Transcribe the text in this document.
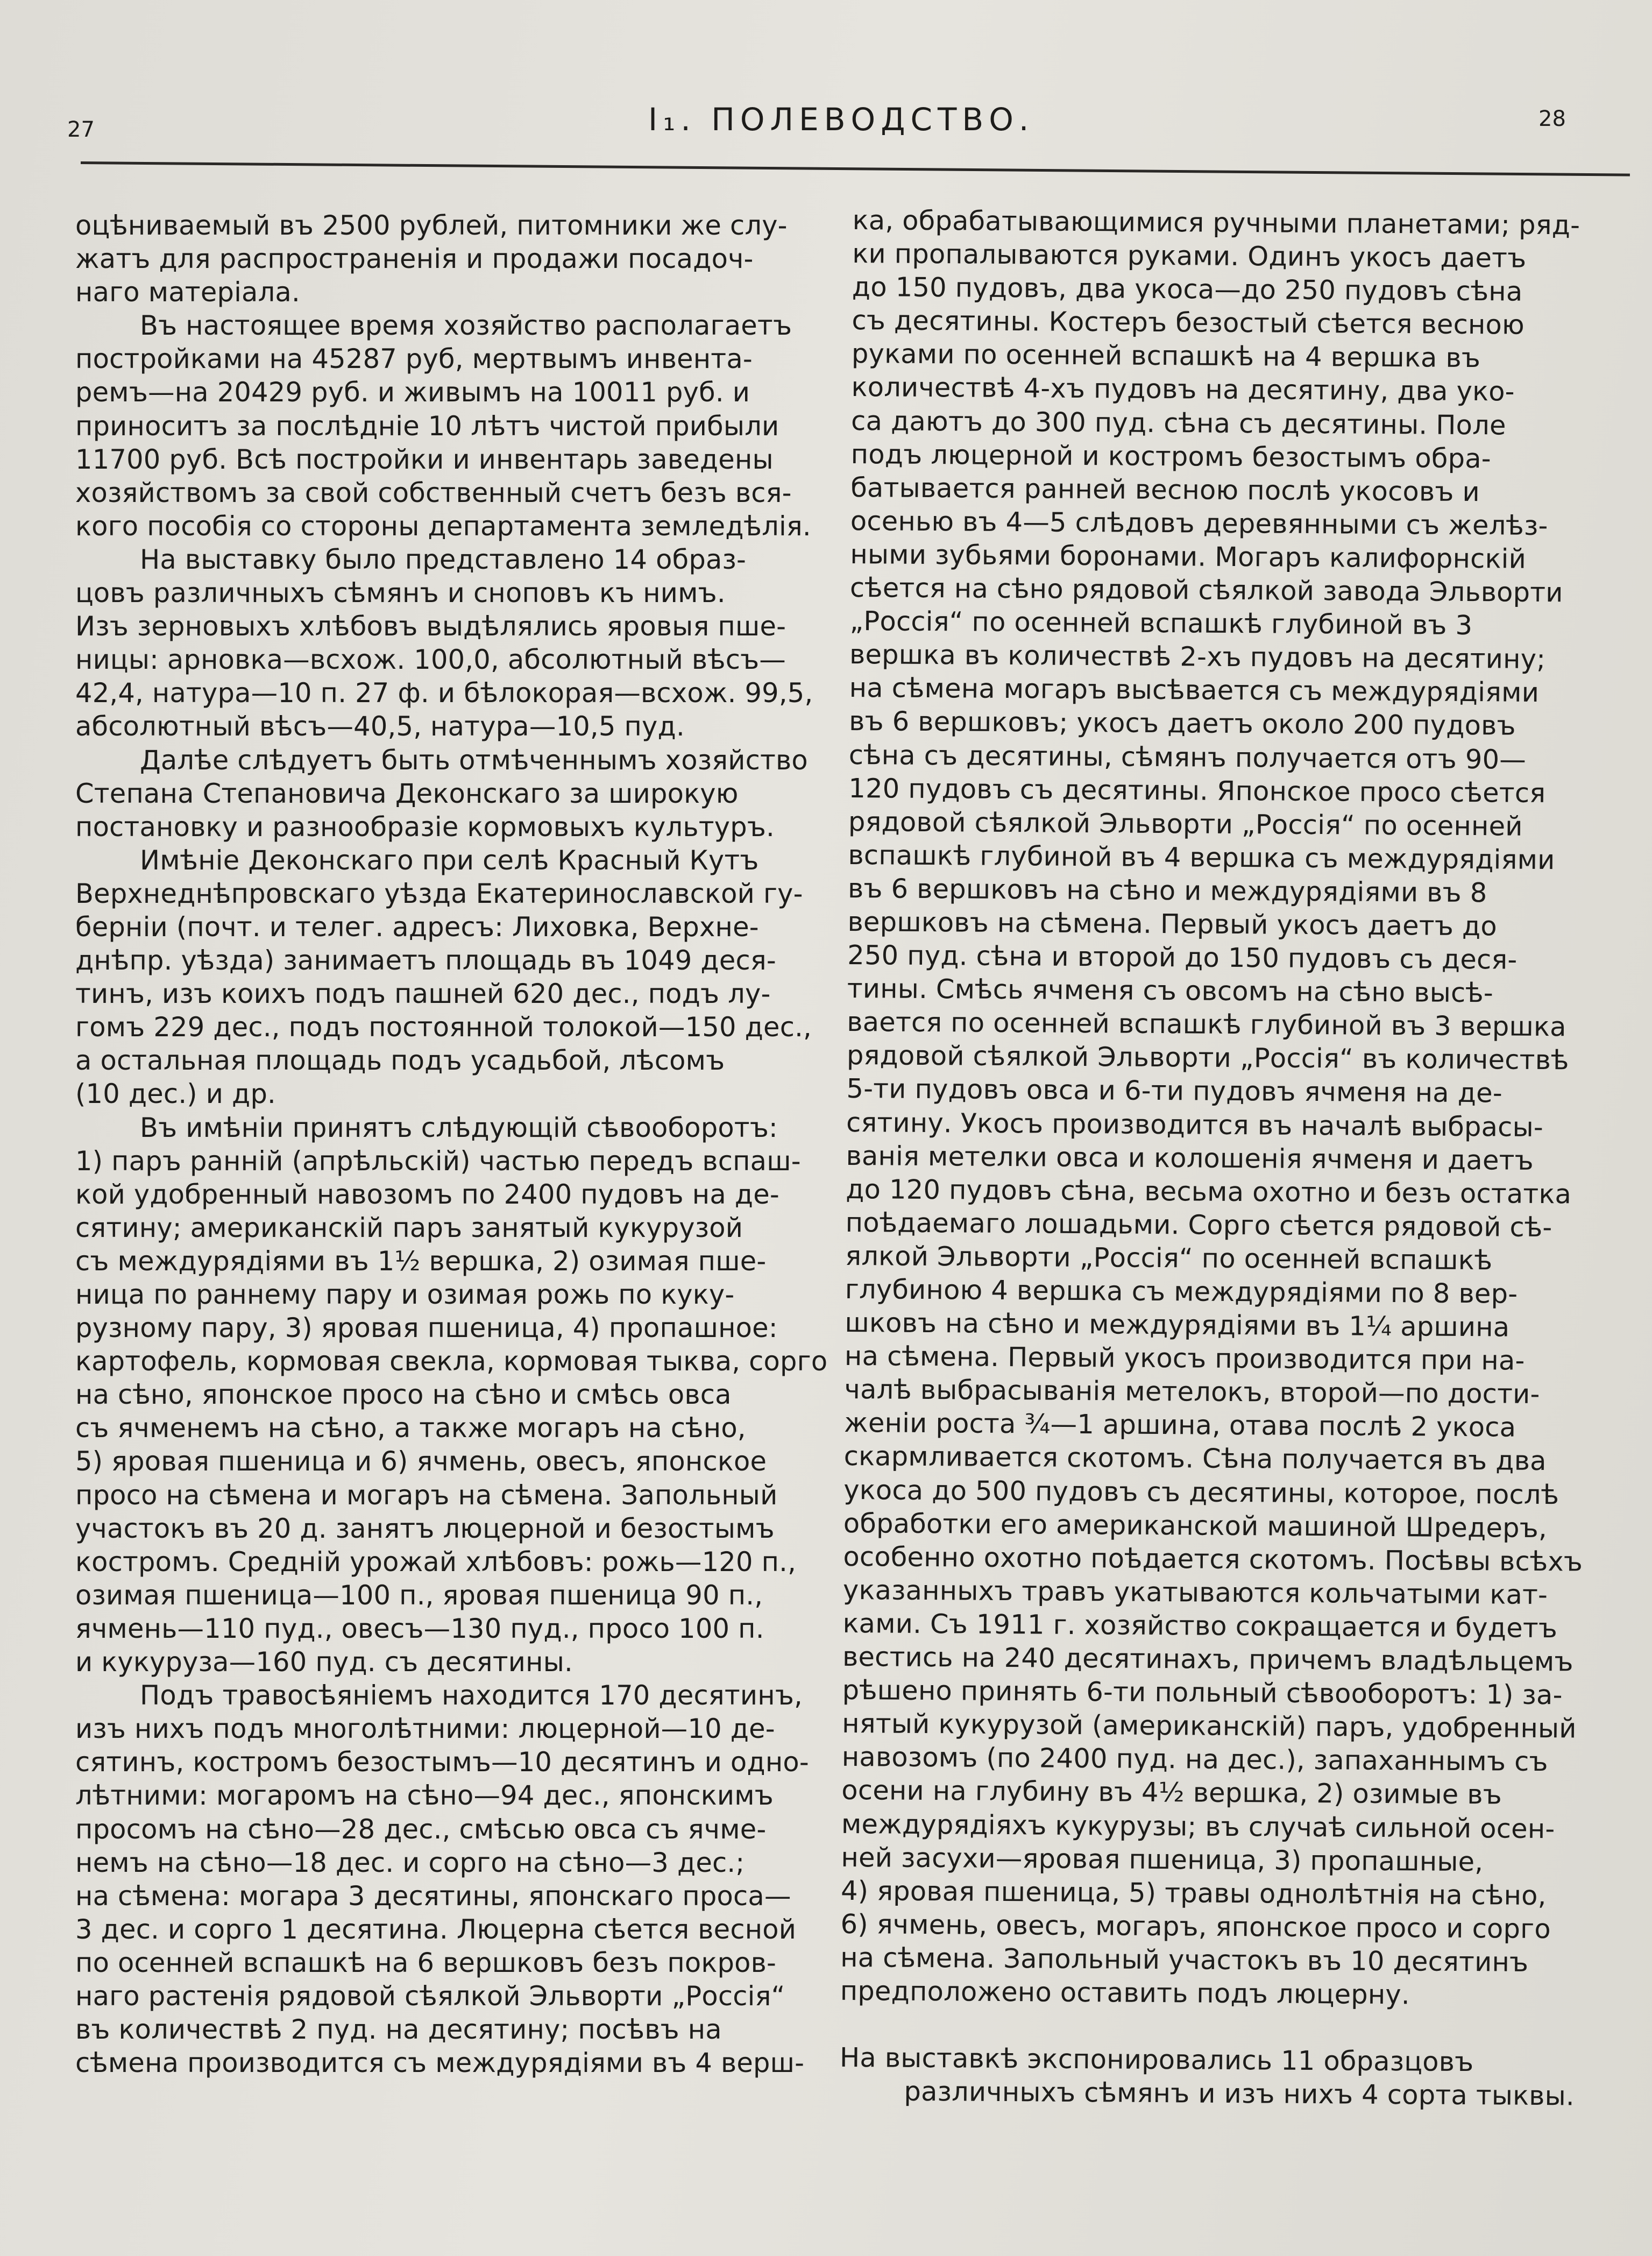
27	I₁. ПОЛЕВОДСТВО.	28
оцѣниваемый въ 2500 рублей, питомники же слу-
жатъ для распространенія и продажи посадоч-
наго матеріала.
Въ настоящее время хозяйство располагаетъ
постройками на 45287 руб, мертвымъ инвента-
ремъ—на 20429 руб. и живымъ на 10011 руб. и
приноситъ за послѣдніе 10 лѣтъ чистой прибыли
11700 руб. Всѣ постройки и инвентарь заведены
хозяйствомъ за свой собственный счетъ безъ вся-
кого пособія со стороны департамента земледѣлія.
На выставку было представлено 14 образ-
цовъ различныхъ сѣмянъ и сноповъ къ нимъ.
Изъ зерновыхъ хлѣбовъ выдѣлялись яровыя пше-
ницы: арновка—всхож. 100,0, абсолютный вѣсъ—
42,4, натура—10 п. 27 ф. и бѣлокорая—всхож. 99,5,
абсолютный вѣсъ—40,5, натура—10,5 пуд.
Далѣе слѣдуетъ быть отмѣченнымъ хозяйство
Степана Степановича Деконскаго за широкую
постановку и разнообразіе кормовыхъ культуръ.
Имѣніе Деконскаго при селѣ Красный Кутъ
Верхнеднѣпровскаго уѣзда Екатеринославской гу-
берніи (почт. и телег. адресъ: Лиховка, Верхне-
днѣпр. уѣзда) занимаетъ площадь въ 1049 деся-
тинъ, изъ коихъ подъ пашней 620 дес., подъ лу-
гомъ 229 дес., подъ постоянной толокой—150 дес.,
а остальная площадь подъ усадьбой, лѣсомъ
(10 дес.) и др.
Въ имѣніи принятъ слѣдующій сѣвооборотъ:
1) паръ ранній (апрѣльскій) частью передъ вспаш-
кой удобренный навозомъ по 2400 пудовъ на де-
сятину; американскій паръ занятый кукурузой
съ междурядіями въ 1½ вершка, 2) озимая пше-
ница по раннему пару и озимая рожь по куку-
рузному пару, 3) яровая пшеница, 4) пропашное:
картофель, кормовая свекла, кормовая тыква, сорго
на сѣно, японское просо на сѣно и смѣсь овса
съ ячменемъ на сѣно, а также могаръ на сѣно,
5) яровая пшеница и 6) ячмень, овесъ, японское
просо на сѣмена и могаръ на сѣмена. Запольный
участокъ въ 20 д. занятъ люцерной и безостымъ
костромъ. Средній урожай хлѣбовъ: рожь—120 п.,
озимая пшеница—100 п., яровая пшеница 90 п.,
ячмень—110 пуд., овесъ—130 пуд., просо 100 п.
и кукуруза—160 пуд. съ десятины.
Подъ травосѣяніемъ находится 170 десятинъ,
изъ нихъ подъ многолѣтними: люцерной—10 де-
сятинъ, костромъ безостымъ—10 десятинъ и одно-
лѣтними: могаромъ на сѣно—94 дес., японскимъ
просомъ на сѣно—28 дес., смѣсью овса съ ячме-
немъ на сѣно—18 дес. и сорго на сѣно—3 дес.;
на сѣмена: могара 3 десятины, японскаго проса—
3 дес. и сорго 1 десятина. Люцерна сѣется весной
по осенней вспашкѣ на 6 вершковъ безъ покров-
наго растенія рядовой сѣялкой Эльворти „Россія“
въ количествѣ 2 пуд. на десятину; посѣвъ на
сѣмена производится съ междурядіями въ 4 верш-
ка, обрабатывающимися ручными планетами; ряд-
ки пропалываются руками. Одинъ укосъ даетъ
до 150 пудовъ, два укоса—до 250 пудовъ сѣна
съ десятины. Костеръ безостый сѣется весною
руками по осенней вспашкѣ на 4 вершка въ
количествѣ 4-хъ пудовъ на десятину, два уко-
са даютъ до 300 пуд. сѣна съ десятины. Поле
подъ люцерной и костромъ безостымъ обра-
батывается ранней весною послѣ укосовъ и
осенью въ 4—5 слѣдовъ деревянными съ желѣз-
ными зубьями боронами. Могаръ калифорнскій
сѣется на сѣно рядовой сѣялкой завода Эльворти
„Россія“ по осенней вспашкѣ глубиной въ 3
вершка въ количествѣ 2-хъ пудовъ на десятину;
на сѣмена могаръ высѣвается съ междурядіями
въ 6 вершковъ; укосъ даетъ около 200 пудовъ
сѣна съ десятины, сѣмянъ получается отъ 90—
120 пудовъ съ десятины. Японское просо сѣется
рядовой сѣялкой Эльворти „Россія“ по осенней
вспашкѣ глубиной въ 4 вершка съ междурядіями
въ 6 вершковъ на сѣно и междурядіями въ 8
вершковъ на сѣмена. Первый укосъ даетъ до
250 пуд. сѣна и второй до 150 пудовъ съ деся-
тины. Смѣсь ячменя съ овсомъ на сѣно высѣ-
вается по осенней вспашкѣ глубиной въ 3 вершка
рядовой сѣялкой Эльворти „Россія“ въ количествѣ
5-ти пудовъ овса и 6-ти пудовъ ячменя на де-
сятину. Укосъ производится въ началѣ выбрасы-
ванія метелки овса и колошенія ячменя и даетъ
до 120 пудовъ сѣна, весьма охотно и безъ остатка
поѣдаемаго лошадьми. Сорго сѣется рядовой сѣ-
ялкой Эльворти „Россія“ по осенней вспашкѣ
глубиною 4 вершка съ междурядіями по 8 вер-
шковъ на сѣно и междурядіями въ 1¼ аршина
на сѣмена. Первый укосъ производится при на-
чалѣ выбрасыванія метелокъ, второй—по дости-
женіи роста ¾—1 аршина, отава послѣ 2 укоса
скармливается скотомъ. Сѣна получается въ два
укоса до 500 пудовъ съ десятины, которое, послѣ
обработки его американской машиной Шредеръ,
особенно охотно поѣдается скотомъ. Посѣвы всѣхъ
указанныхъ травъ укатываются кольчатыми кат-
ками. Съ 1911 г. хозяйство сокращается и будетъ
вестись на 240 десятинахъ, причемъ владѣльцемъ
рѣшено принять 6-ти польный сѣвооборотъ: 1) за-
нятый кукурузой (американскій) паръ, удобренный
навозомъ (по 2400 пуд. на дес.), запаханнымъ съ
осени на глубину въ 4½ вершка, 2) озимые въ
междурядіяхъ кукурузы; въ случаѣ сильной осен-
ней засухи—яровая пшеница, 3) пропашные,
4) яровая пшеница, 5) травы однолѣтнія на сѣно,
6) ячмень, овесъ, могаръ, японское просо и сорго
на сѣмена. Запольный участокъ въ 10 десятинъ
предположено оставить подъ люцерну.
На выставкѣ экспонировались 11 образцовъ
различныхъ сѣмянъ и изъ нихъ 4 сорта тыквы.
